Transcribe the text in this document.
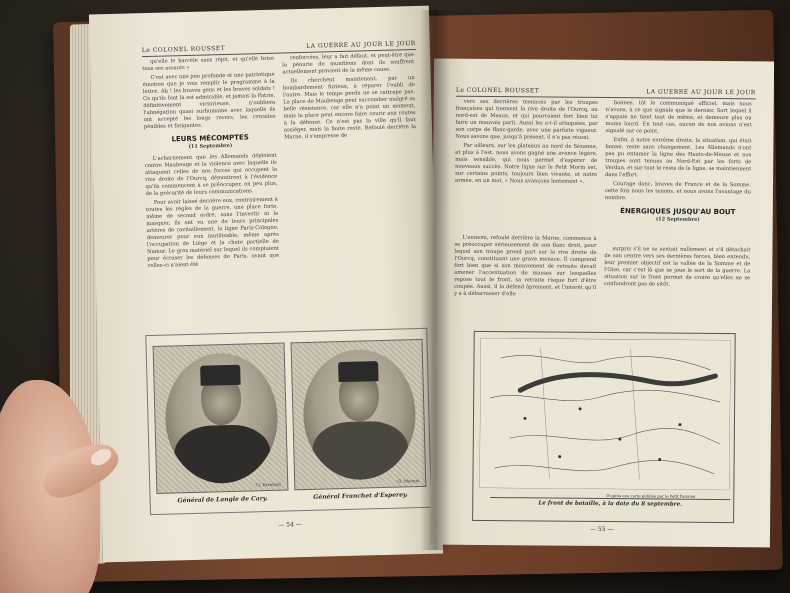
Le COLONEL ROUSSET	LA GUERRE AU JOUR LE JOUR

qu'elle le harcèle sans répit, et qu'elle brise tous ses assauts »

C'est avec une joie profonde et une patriotique émotion que je vois remplir le programme à la lettre. Ah ! les braves gens et les braves soldats ! Ce qu'ils font là est admirable, et jamais la Patrie, définitivement victorieuse, n'oubliera l'abnégation quasi surhumaine avec laquelle ils ont accepté les longs revers, les retraites pénibles et fatigantes.

LEURS MÉCOMPTES
(11 Septembre)

L'acharnement que les Allemands déploient contre Maubeuge et la violence avec laquelle ils attaquent celles de nos forces qui occupent la rive droite de l'Ourcq, démontrent à l'évidence qu'ils commencent à se préoccuper, on peu plus, de la précarité de leurs communications.

Pour avoir laissé derrière eux, contrairement à toutes les règles de la guerre, une place forte, même de second ordre, sans l'investir ni la masquer, ils ont vu une de leurs principales artères de ravitaillement, la ligne Paris-Cologne, demeurer pour eux inutilisable, même après l'occupation de Liège et la chute partielle de Namur. Le gros matériel sur lequel ils comptaient pour écraser les défenses de Paris, avant que celles-ci n'aient été

renforcées, leur a fait défaut, et peut-être que la pénurie de munitions dont ils souffrent actuellement provient de la même cause.

Ils cherchent maintenant, par un bombardement furieux, à réparer l'oubli de l'autre. Mais le temps perdu ne se rattrape pas. La place de Maubeuge peut succomber malgré sa belle résistance, car elle n'a point un moment, mais la place peut encore faire courir aux routes à la défense. Ce n'est pas la ville qu'il faut assiéger, mais la faute reste. Refoulé derrière la Marne, il s'empresse de

Cl. Excelsior
Cl. Manuel
Général de Langle de Cary.	Général Franchet d'Esperey.
— 54 —
Le COLONEL ROUSSET	LA GUERRE AU JOUR LE JOUR

vers ses derrières menacés par les troupes françaises qui tiennent la rive droite de l'Ourcq, au nord-est de Meaux, et qui pourraient fort bien lui faire un mauvais parti. Aussi les a-t-il attaquées, par son corps de flanc-garde, avec une parfaite vigueur. Nous savons que, jusqu'à présent, il n'a pas réussi.

Par ailleurs, sur les plateaux au nord de Sézanne, et plus à l'est, nous avons gagné une avance légère, mais sensible, qui nous permet d'espérer de nouveaux succès. Notre ligne sur le Petit Morin est, sur certains points, toujours bien vivante, et notre armée, en un mot, « Nous avançons lentement ».

bonnes, tôt le communiqué officiel, mais nous n'avons, à ce que signale que le dernier. Sort lequel il s'appuie ne tient tout de même, et demeure plus ou moins lourd. En tout cas, aucun de nos avions n'est signalé sur ce point.

Enfin, à notre extrême droite, la situation, qui était bonne, reste sans changement. Les Allemands n'ont pas pu entamer la ligne des Hauts-de-Meuse et nos troupes sont tenues au Nord-Est par les forts de Verdun, et sur tout le reste de la ligne, se maintiennent dans l'effort.

Courage donc, braves de France et de la Somme, cette fois nous les tenons, et nous avons l'avantage du nombre.

ÉNERGIQUES JUSQU'AU BOUT
(12 Septembre)

L'ennemi, refoulé derrière la Marne, commence à se préoccuper sérieusement de son flanc droit, pour lequel son troupe prend part sur la rive droite de l'Ourcq, constituant une grave menace. Il comprend fort bien que si son mouvement de retraite devait amener l'accentuation de masses sur lesquelles repose tout le front, sa retraite risque fort d'être coupée. Aussi, il la défend âprement, et l'intérêt qu'il y a à débarrasser d'elle

surpris s'il ne se sentait nullement et s'il détachait de son centre vers ses dernières forces, bien entendu, leur premier objectif est la vallée de la Somme et de l'Oise, car c'est là que se joue le sort de la guerre. La situation sur le front permet de croire qu'elles ne se confondront pas de sitôt.

D'après une carte publiée par le Petit Parisien
Le front de bataille, à la date du 8 septembre.
— 55 —
